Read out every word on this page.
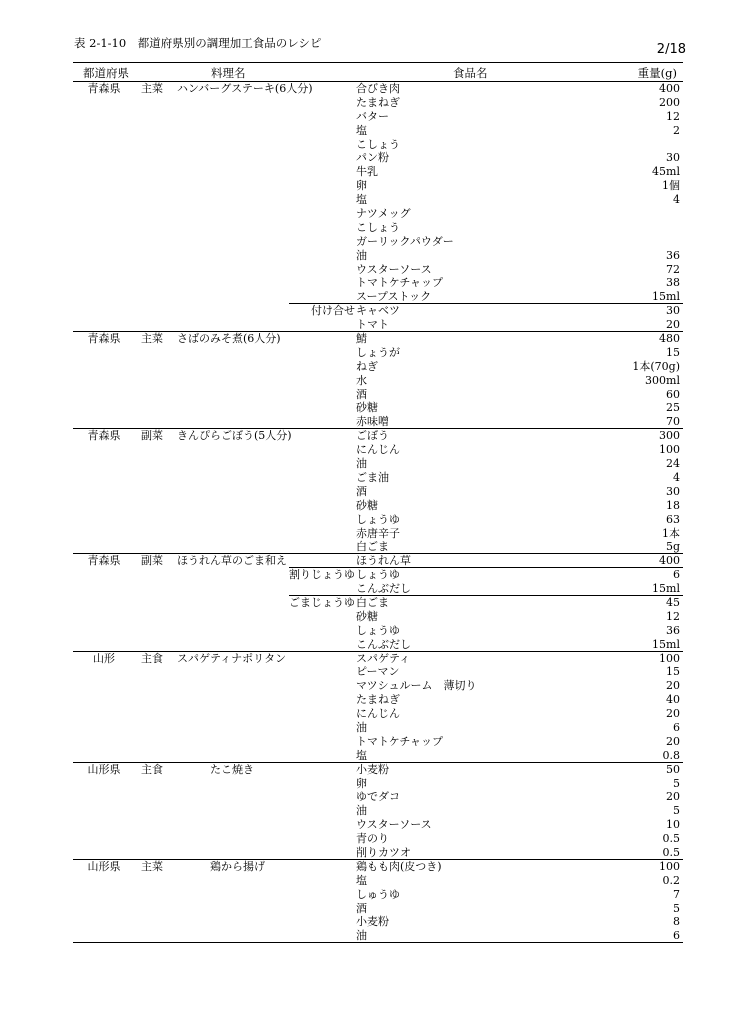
表 2-1-10　都道府県別の調理加工食品のレシピ	2/18
都道府県	料理名	食品名	重量(g)
青森県	主菜 ハンバーグステーキ(6人分)	合びき肉	400
たまねぎ	200
バター	12
塩	2
こしょう
パン粉	30
牛乳	45ml
卵	1個
塩	4
ナツメッグ
こしょう
ガーリックパウダー
油	36
ウスターソース	72
トマトケチャップ	38
スープストック	15ml
付け合せ キャベツ	30
トマト	20
青森県	主菜 さばのみそ煮(6人分)	鯖	480
しょうが	15
ねぎ	1本(70g)
水	300ml
酒	60
砂糖	25
赤味噌	70
青森県	副菜 きんぴらごぼう(5人分)	ごぼう	300
にんじん	100
油	24
ごま油	4
酒	30
砂糖	18
しょうゆ	63
赤唐辛子	1本
白ごま	5g
青森県	副菜 ほうれん草のごま和え	ほうれん草	400
割りじょうゆ しょうゆ	6
こんぶだし	15ml
ごまじょうゆ 白ごま	45
砂糖	12
しょうゆ	36
こんぶだし	15ml
山形	主食 スパゲティナポリタン	スパゲティ	100
ピーマン	15
マツシュルーム　薄切り	20
たまねぎ	40
にんじん	20
油	6
トマトケチャップ	20
塩	0.8
山形県	主食 　　　たこ焼き	小麦粉	50
卵	5
ゆでダコ	20
油	5
ウスターソース	10
青のり	0.5
削りカツオ	0.5
山形県	主菜 　　　鶏から揚げ	鶏もも肉(皮つき)	100
塩	0.2
しゅうゆ	7
酒	5
小麦粉	8
油	6
